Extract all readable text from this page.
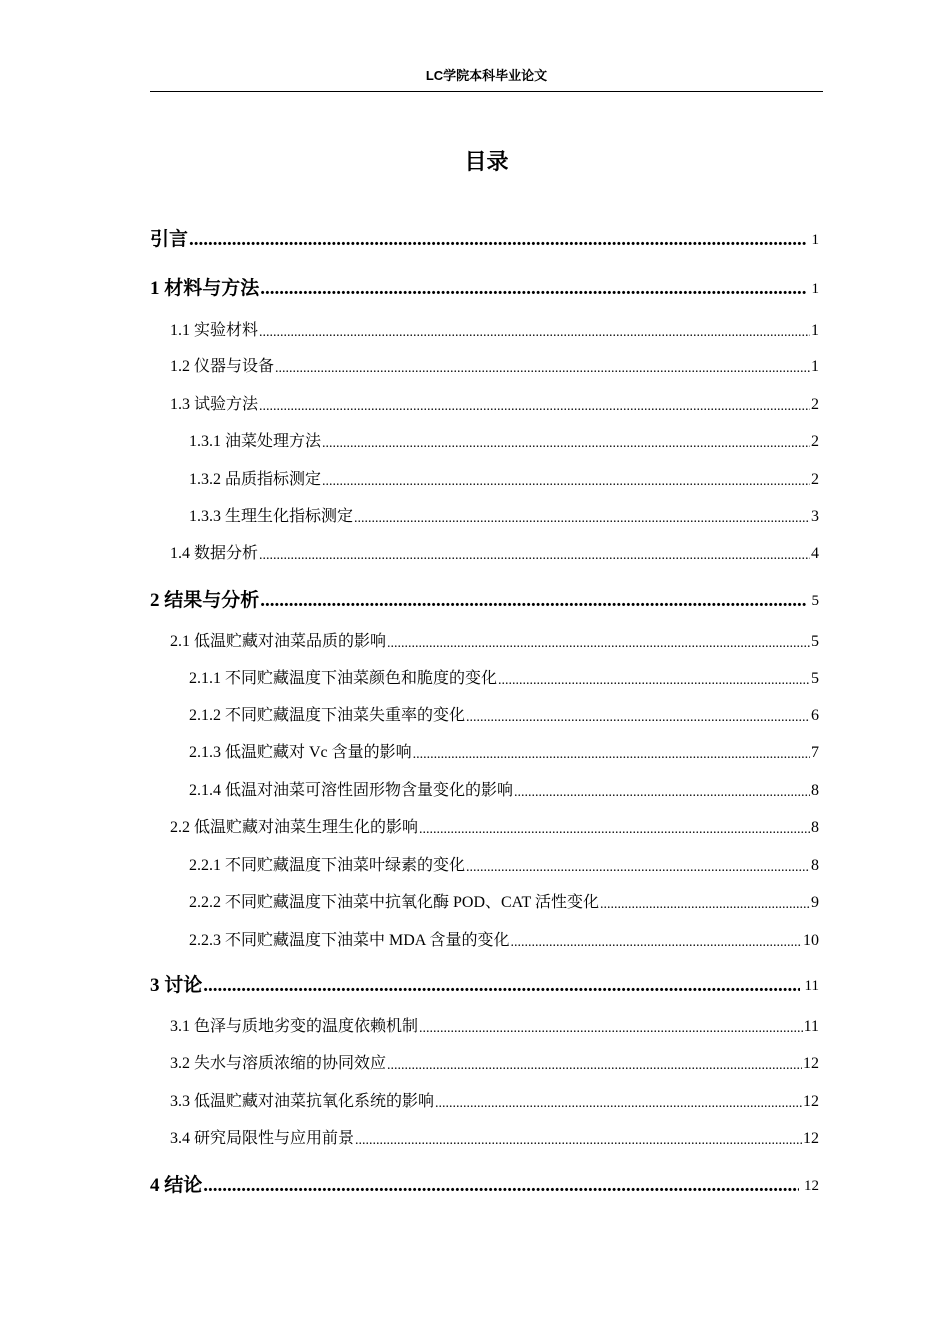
LC学院本科毕业论文
目录
引言 .....	1
1 材料与方法 .....	1
1.1 实验材料 .....	1
1.2 仪器与设备 .....	1
1.3 试验方法 .....	2
1.3.1 油菜处理方法 .....	2
1.3.2 品质指标测定 .....	2
1.3.3 生理生化指标测定 .....	3
1.4 数据分析 .....	4
2 结果与分析 .....	5
2.1 低温贮藏对油菜品质的影响 .....	5
2.1.1 不同贮藏温度下油菜颜色和脆度的变化 .....	5
2.1.2 不同贮藏温度下油菜失重率的变化 .....	6
2.1.3 低温贮藏对 Vc 含量的影响 .....	7
2.1.4 低温对油菜可溶性固形物含量变化的影响 .....	8
2.2 低温贮藏对油菜生理生化的影响 .....	8
2.2.1 不同贮藏温度下油菜叶绿素的变化 .....	8
2.2.2 不同贮藏温度下油菜中抗氧化酶 POD、CAT 活性变化 .....	9
2.2.3 不同贮藏温度下油菜中 MDA 含量的变化 .....	10
3 讨论 .....	11
3.1 色泽与质地劣变的温度依赖机制 .....	11
3.2 失水与溶质浓缩的协同效应 .....	12
3.3 低温贮藏对油菜抗氧化系统的影响 .....	12
3.4 研究局限性与应用前景 .....	12
4 结论 .....	12
